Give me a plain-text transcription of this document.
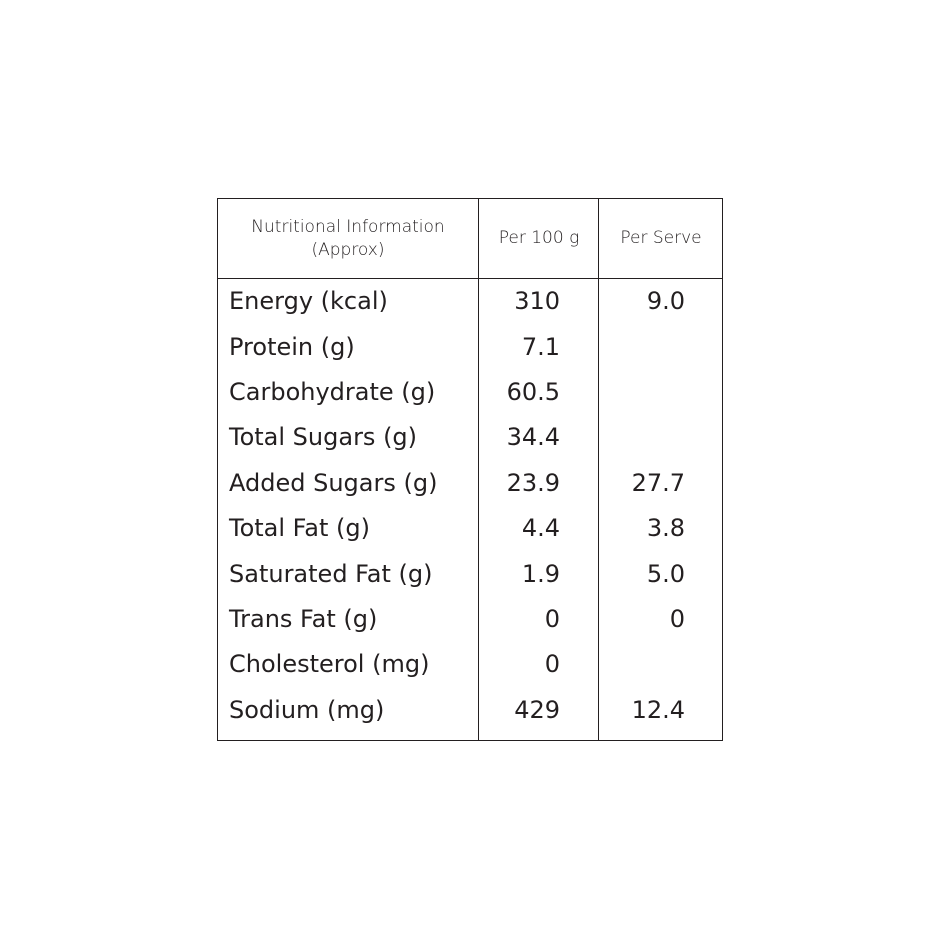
Nutritional Information
(Approx)
Per 100 g	Per Serve
Energy (kcal)	310	9.0
Protein (g)	7.1
Carbohydrate (g)	60.5
Total Sugars (g)	34.4
Added Sugars (g)	23.9	27.7
Total Fat (g)	4.4	3.8
Saturated Fat (g)	1.9	5.0
Trans Fat (g)	0	0
Cholesterol (mg)	0
Sodium (mg)	429	12.4
